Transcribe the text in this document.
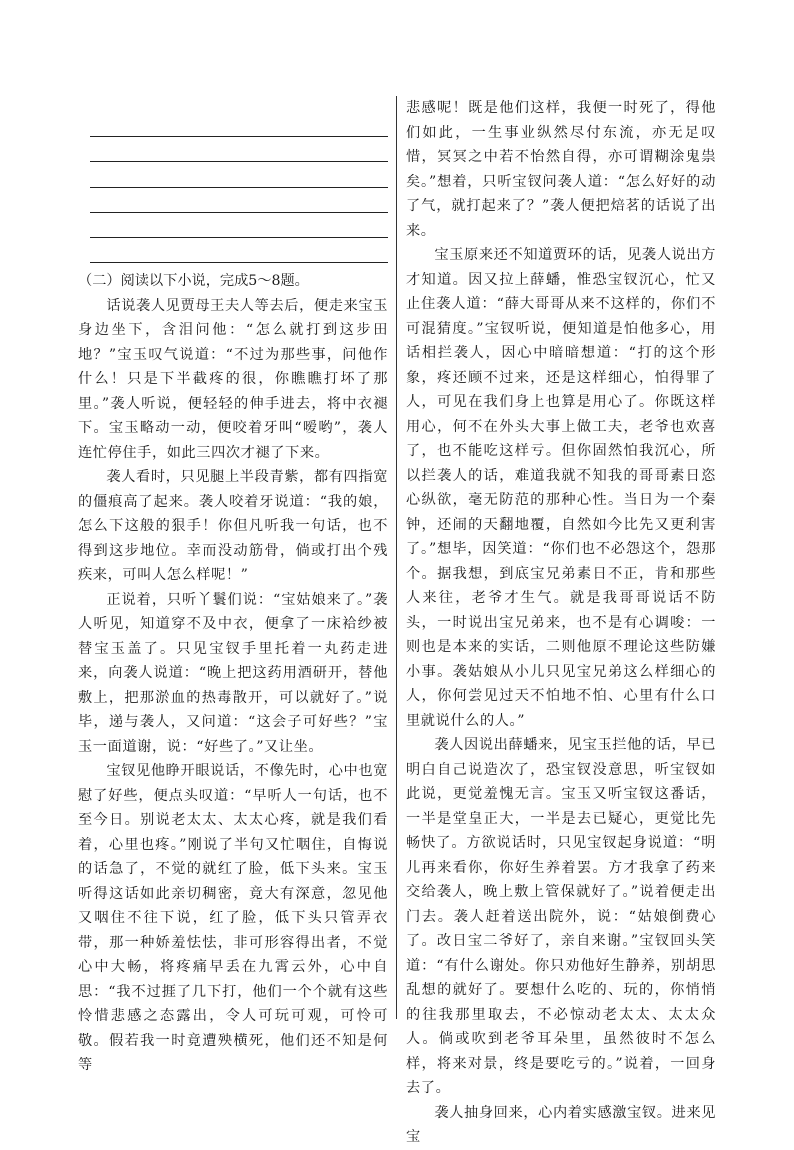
（二）阅读以下小说，完成5～8题。

话说袭人见贾母王夫人等去后，便走来宝玉身边坐下，含泪问他：“怎么就打到这步田地？”宝玉叹气说道：“不过为那些事，问他作什么！只是下半截疼的很，你瞧瞧打坏了那里。”袭人听说，便轻轻的伸手进去，将中衣褪下。宝玉略动一动，便咬着牙叫“嗳哟”，袭人连忙停住手，如此三四次才褪了下来。

袭人看时，只见腿上半段青紫，都有四指宽的僵痕高了起来。袭人咬着牙说道：“我的娘，怎么下这般的狠手！你但凡听我一句话，也不得到这步地位。幸而没动筋骨，倘或打出个残疾来，可叫人怎么样呢！”

正说着，只听丫鬟们说：“宝姑娘来了。”袭人听见，知道穿不及中衣，便拿了一床袷纱被替宝玉盖了。只见宝钗手里托着一丸药走进来，向袭人说道：“晚上把这药用酒研开，替他敷上，把那淤血的热毒散开，可以就好了。”说毕，递与袭人，又问道：“这会子可好些？”宝玉一面道谢，说：“好些了。”又让坐。

宝钗见他睁开眼说话，不像先时，心中也宽慰了好些，便点头叹道：“早听人一句话，也不至今日。别说老太太、太太心疼，就是我们看着，心里也疼。”刚说了半句又忙咽住，自悔说的话急了，不觉的就红了脸，低下头来。宝玉听得这话如此亲切稠密，竟大有深意，忽见他又咽住不往下说，红了脸，低下头只管弄衣带，那一种娇羞怯怯，非可形容得出者，不觉心中大畅，将疼痛早丢在九霄云外，心中自思：“我不过捱了几下打，他们一个个就有这些怜惜悲感之态露出，令人可玩可观，可怜可敬。假若我一时竟遭殃横死，他们还不知是何等

悲感呢！既是他们这样，我便一时死了，得他们如此，一生事业纵然尽付东流，亦无足叹惜，冥冥之中若不怡然自得，亦可谓糊涂鬼祟矣。”想着，只听宝钗问袭人道：“怎么好好的动了气，就打起来了？”袭人便把焙茗的话说了出来。

宝玉原来还不知道贾环的话，见袭人说出方才知道。因又拉上薛蟠，惟恐宝钗沉心，忙又止住袭人道：“薛大哥哥从来不这样的，你们不可混猜度。”宝钗听说，便知道是怕他多心，用话相拦袭人，因心中暗暗想道：“打的这个形象，疼还顾不过来，还是这样细心，怕得罪了人，可见在我们身上也算是用心了。你既这样用心，何不在外头大事上做工夫，老爷也欢喜了，也不能吃这样亏。但你固然怕我沉心，所以拦袭人的话，难道我就不知我的哥哥素日恣心纵欲，毫无防范的那种心性。当日为一个秦钟，还闹的天翻地覆，自然如今比先又更利害了。”想毕，因笑道：“你们也不必怨这个，怨那个。据我想，到底宝兄弟素日不正，肯和那些人来往，老爷才生气。就是我哥哥说话不防头，一时说出宝兄弟来，也不是有心调唆：一则也是本来的实话，二则他原不理论这些防嫌小事。袭姑娘从小儿只见宝兄弟这么样细心的人，你何尝见过天不怕地不怕、心里有什么口里就说什么的人。”

袭人因说出薛蟠来，见宝玉拦他的话，早已明白自己说造次了，恐宝钗没意思，听宝钗如此说，更觉羞愧无言。宝玉又听宝钗这番话，一半是堂皇正大，一半是去已疑心，更觉比先畅快了。方欲说话时，只见宝钗起身说道：“明儿再来看你，你好生养着罢。方才我拿了药来交给袭人，晚上敷上管保就好了。”说着便走出门去。袭人赶着送出院外，说：“姑娘倒费心了。改日宝二爷好了，亲自来谢。”宝钗回头笑道：“有什么谢处。你只劝他好生静养，别胡思乱想的就好了。要想什么吃的、玩的，你悄悄的往我那里取去，不必惊动老太太、太太众人。倘或吹到老爷耳朵里，虽然彼时不怎么样，将来对景，终是要吃亏的。”说着，一回身去了。

袭人抽身回来，心内着实感激宝钗。进来见宝
